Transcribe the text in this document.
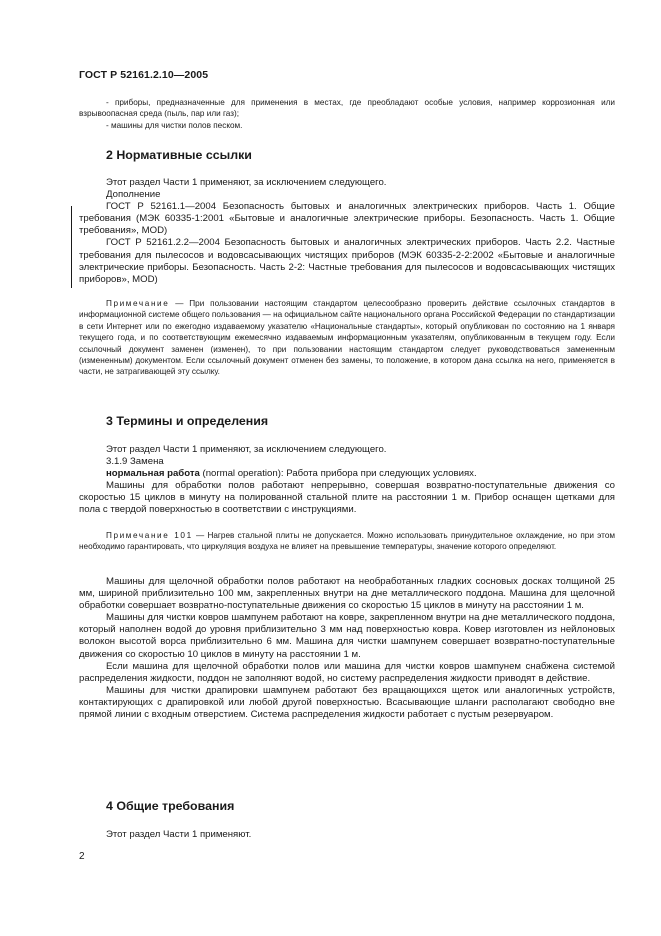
ГОСТ Р 52161.2.10—2005

- приборы, предназначенные для применения в местах, где преобладают особые условия, например коррозионная или взрывоопасная среда (пыль, пар или газ);

- машины для чистки полов песком.

2 Нормативные ссылки

Этот раздел Части 1 применяют, за исключением следующего.

Дополнение

ГОСТ Р 52161.1—2004 Безопасность бытовых и аналогичных электрических приборов. Часть 1. Общие требования (МЭК 60335-1:2001 «Бытовые и аналогичные электрические приборы. Безопасность. Часть 1. Общие требования», MOD)

ГОСТ Р 52161.2.2—2004 Безопасность бытовых и аналогичных электрических приборов. Часть 2.2. Частные требования для пылесосов и водовсасывающих чистящих приборов (МЭК 60335-2-2:2002 «Бытовые и аналогичные электрические приборы. Безопасность. Часть 2-2: Частные требования для пылесосов и водовсасывающих чистящих приборов», MOD)

Примечание — При пользовании настоящим стандартом целесообразно проверить действие ссылочных стандартов в информационной системе общего пользования — на официальном сайте национального органа Российской Федерации по стандартизации в сети Интернет или по ежегодно издаваемому указателю «Национальные стандарты», который опубликован по состоянию на 1 января текущего года, и по соответствующим ежемесячно издаваемым информационным указателям, опубликованным в текущем году. Если ссылочный документ заменен (изменен), то при пользовании настоящим стандартом следует руководствоваться замененным (измененным) документом. Если ссылочный документ отменен без замены, то положение, в котором дана ссылка на него, применяется в части, не затрагивающей эту ссылку.

3 Термины и определения

Этот раздел Части 1 применяют, за исключением следующего.

3.1.9 Замена

нормальная работа (normal operation): Работа прибора при следующих условиях.

Машины для обработки полов работают непрерывно, совершая возвратно-поступательные движения со скоростью 15 циклов в минуту на полированной стальной плите на расстоянии 1 м. Прибор оснащен щетками для пола с твердой поверхностью в соответствии с инструкциями.

Примечание 101 — Нагрев стальной плиты не допускается. Можно использовать принудительное охлаждение, но при этом необходимо гарантировать, что циркуляция воздуха не влияет на превышение температуры, значение которого определяют.

Машины для щелочной обработки полов работают на необработанных гладких сосновых досках толщиной 25 мм, шириной приблизительно 100 мм, закрепленных внутри на дне металлического поддона. Машина для щелочной обработки совершает возвратно-поступательные движения со скоростью 15 циклов в минуту на расстоянии 1 м.

Машины для чистки ковров шампунем работают на ковре, закрепленном внутри на дне металлического поддона, который наполнен водой до уровня приблизительно 3 мм над поверхностью ковра. Ковер изготовлен из нейлоновых волокон высотой ворса приблизительно 6 мм. Машина для чистки шампунем совершает возвратно-поступательные движения со скоростью 10 циклов в минуту на расстоянии 1 м.

Если машина для щелочной обработки полов или машина для чистки ковров шампунем снабжена системой распределения жидкости, поддон не заполняют водой, но систему распределения жидкости приводят в действие.

Машины для чистки драпировки шампунем работают без вращающихся щеток или аналогичных устройств, контактирующих с драпировкой или любой другой поверхностью. Всасывающие шланги располагают свободно вне прямой линии с входным отверстием. Система распределения жидкости работает с пустым резервуаром.

4 Общие требования

Этот раздел Части 1 применяют.

2
